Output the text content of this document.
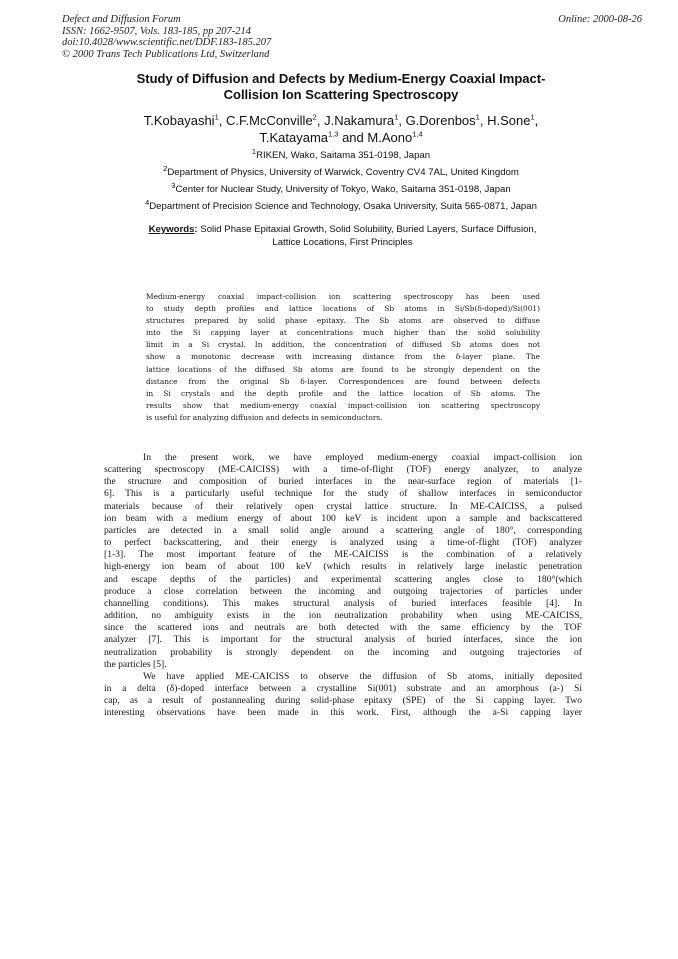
Defect and Diffusion Forum
ISSN: 1662-9507, Vols. 183-185, pp 207-214
doi:10.4028/www.scientific.net/DDF.183-185.207
© 2000 Trans Tech Publications Ltd, Switzerland
Online: 2000-08-26
Study of Diffusion and Defects by Medium-Energy Coaxial Impact-
Collision Ion Scattering Spectroscopy
T.Kobayashi$^1$, C.F.McConville$^2$, J.Nakamura$^1$, G.Dorenbos$^1$, H.Sone$^1$,
T.Katayama$^{1,3}$ and M.Aono$^{1,4}$
$^1$RIKEN, Wako, Saitama 351-0198, Japan
$^2$Department of Physics, University of Warwick, Coventry CV4 7AL, United Kingdom
$^3$Center for Nuclear Study, University of Tokyo, Wako, Saitama 351-0198, Japan
$^4$Department of Precision Science and Technology, Osaka University, Suita 565-0871, Japan
Keywords: Solid Phase Epitaxial Growth, Solid Solubility, Buried Layers, Surface Diffusion,
Lattice Locations, First Principles
Medium-energy coaxial impact-collision ion scattering spectroscopy has been used
to study depth profiles and lattice locations of Sb atoms in Si/Sb(δ-doped)/Si(001)
structures prepared by solid phase epitaxy. The Sb atoms are observed to diffuse
into the Si capping layer at concentrations much higher than the solid solubility
limit in a Si crystal. In addition, the concentration of diffused Sb atoms does not
show a monotonic decrease with increasing distance from the δ-layer plane. The
lattice locations of the diffused Sb atoms are found to be strongly dependent on the
distance from the original Sb δ-layer. Correspondences are found between defects
in Si crystals and the depth profile and the lattice location of Sb atoms. The
results show that medium-energy coaxial impact-collision ion scattering spectroscopy
is useful for analyzing diffusion and defects in semiconductors.
In the present work, we have employed medium-energy coaxial impact-collision ion
scattering spectroscopy (ME-CAICISS) with a time-of-flight (TOF) energy analyzer, to analyze
the structure and composition of buried interfaces in the near-surface region of materials [1-
6]. This is a particularly useful technique for the study of shallow interfaces in semiconductor
materials because of their relatively open crystal lattice structure. In ME-CAICISS, a pulsed
ion beam with a medium energy of about 100 keV is incident upon a sample and backscattered
particles are detected in a small solid angle around a scattering angle of 180°, corresponding
to perfect backscattering, and their energy is analyzed using a time-of-flight (TOF) analyzer
[1-3]. The most important feature of the ME-CAICISS is the combination of a relatively
high-energy ion beam of about 100 keV (which results in relatively large inelastic penetration
and escape depths of the particles) and experimental scattering angles close to 180°(which
produce a close correlation between the incoming and outgoing trajectories of particles under
channelling conditions). This makes structural analysis of buried interfaces feasible [4]. In
addition, no ambiguity exists in the ion neutralization probability when using ME-CAICISS,
since the scattered ions and neutrals are both detected with the same efficiency by the TOF
analyzer [7]. This is important for the structural analysis of buried interfaces, since the ion
neutralization probability is strongly dependent on the incoming and outgoing trajectories of
the particles [5].
We have applied ME-CAICISS to observe the diffusion of Sb atoms, initially deposited
in a delta (δ)-doped interface between a crystalline Si(001) substrate and an amorphous (a-) Si
cap, as a result of postannealing during solid-phase epitaxy (SPE) of the Si capping layer. Two
interesting observations have been made in this work. First, although the a-Si capping layer
